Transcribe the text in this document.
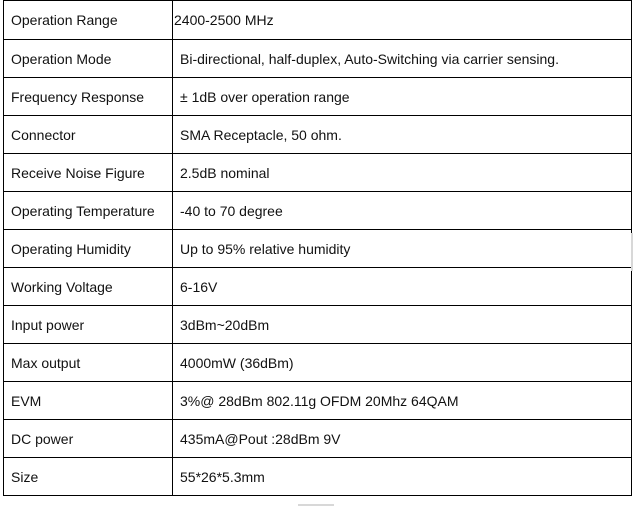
Operation Range	2400-2500 MHz
Operation Mode	Bi-directional, half-duplex, Auto-Switching via carrier sensing.
Frequency Response	± 1dB over operation range
Connector	SMA Receptacle, 50 ohm.
Receive Noise Figure	2.5dB nominal
Operating Temperature	-40 to 70 degree
Operating Humidity	Up to 95% relative humidity
Working Voltage	6-16V
Input power	3dBm~20dBm
Max output	4000mW (36dBm)
EVM	3%@ 28dBm 802.11g OFDM 20Mhz 64QAM
DC power	435mA@Pout :28dBm 9V
Size	55*26*5.3mm
